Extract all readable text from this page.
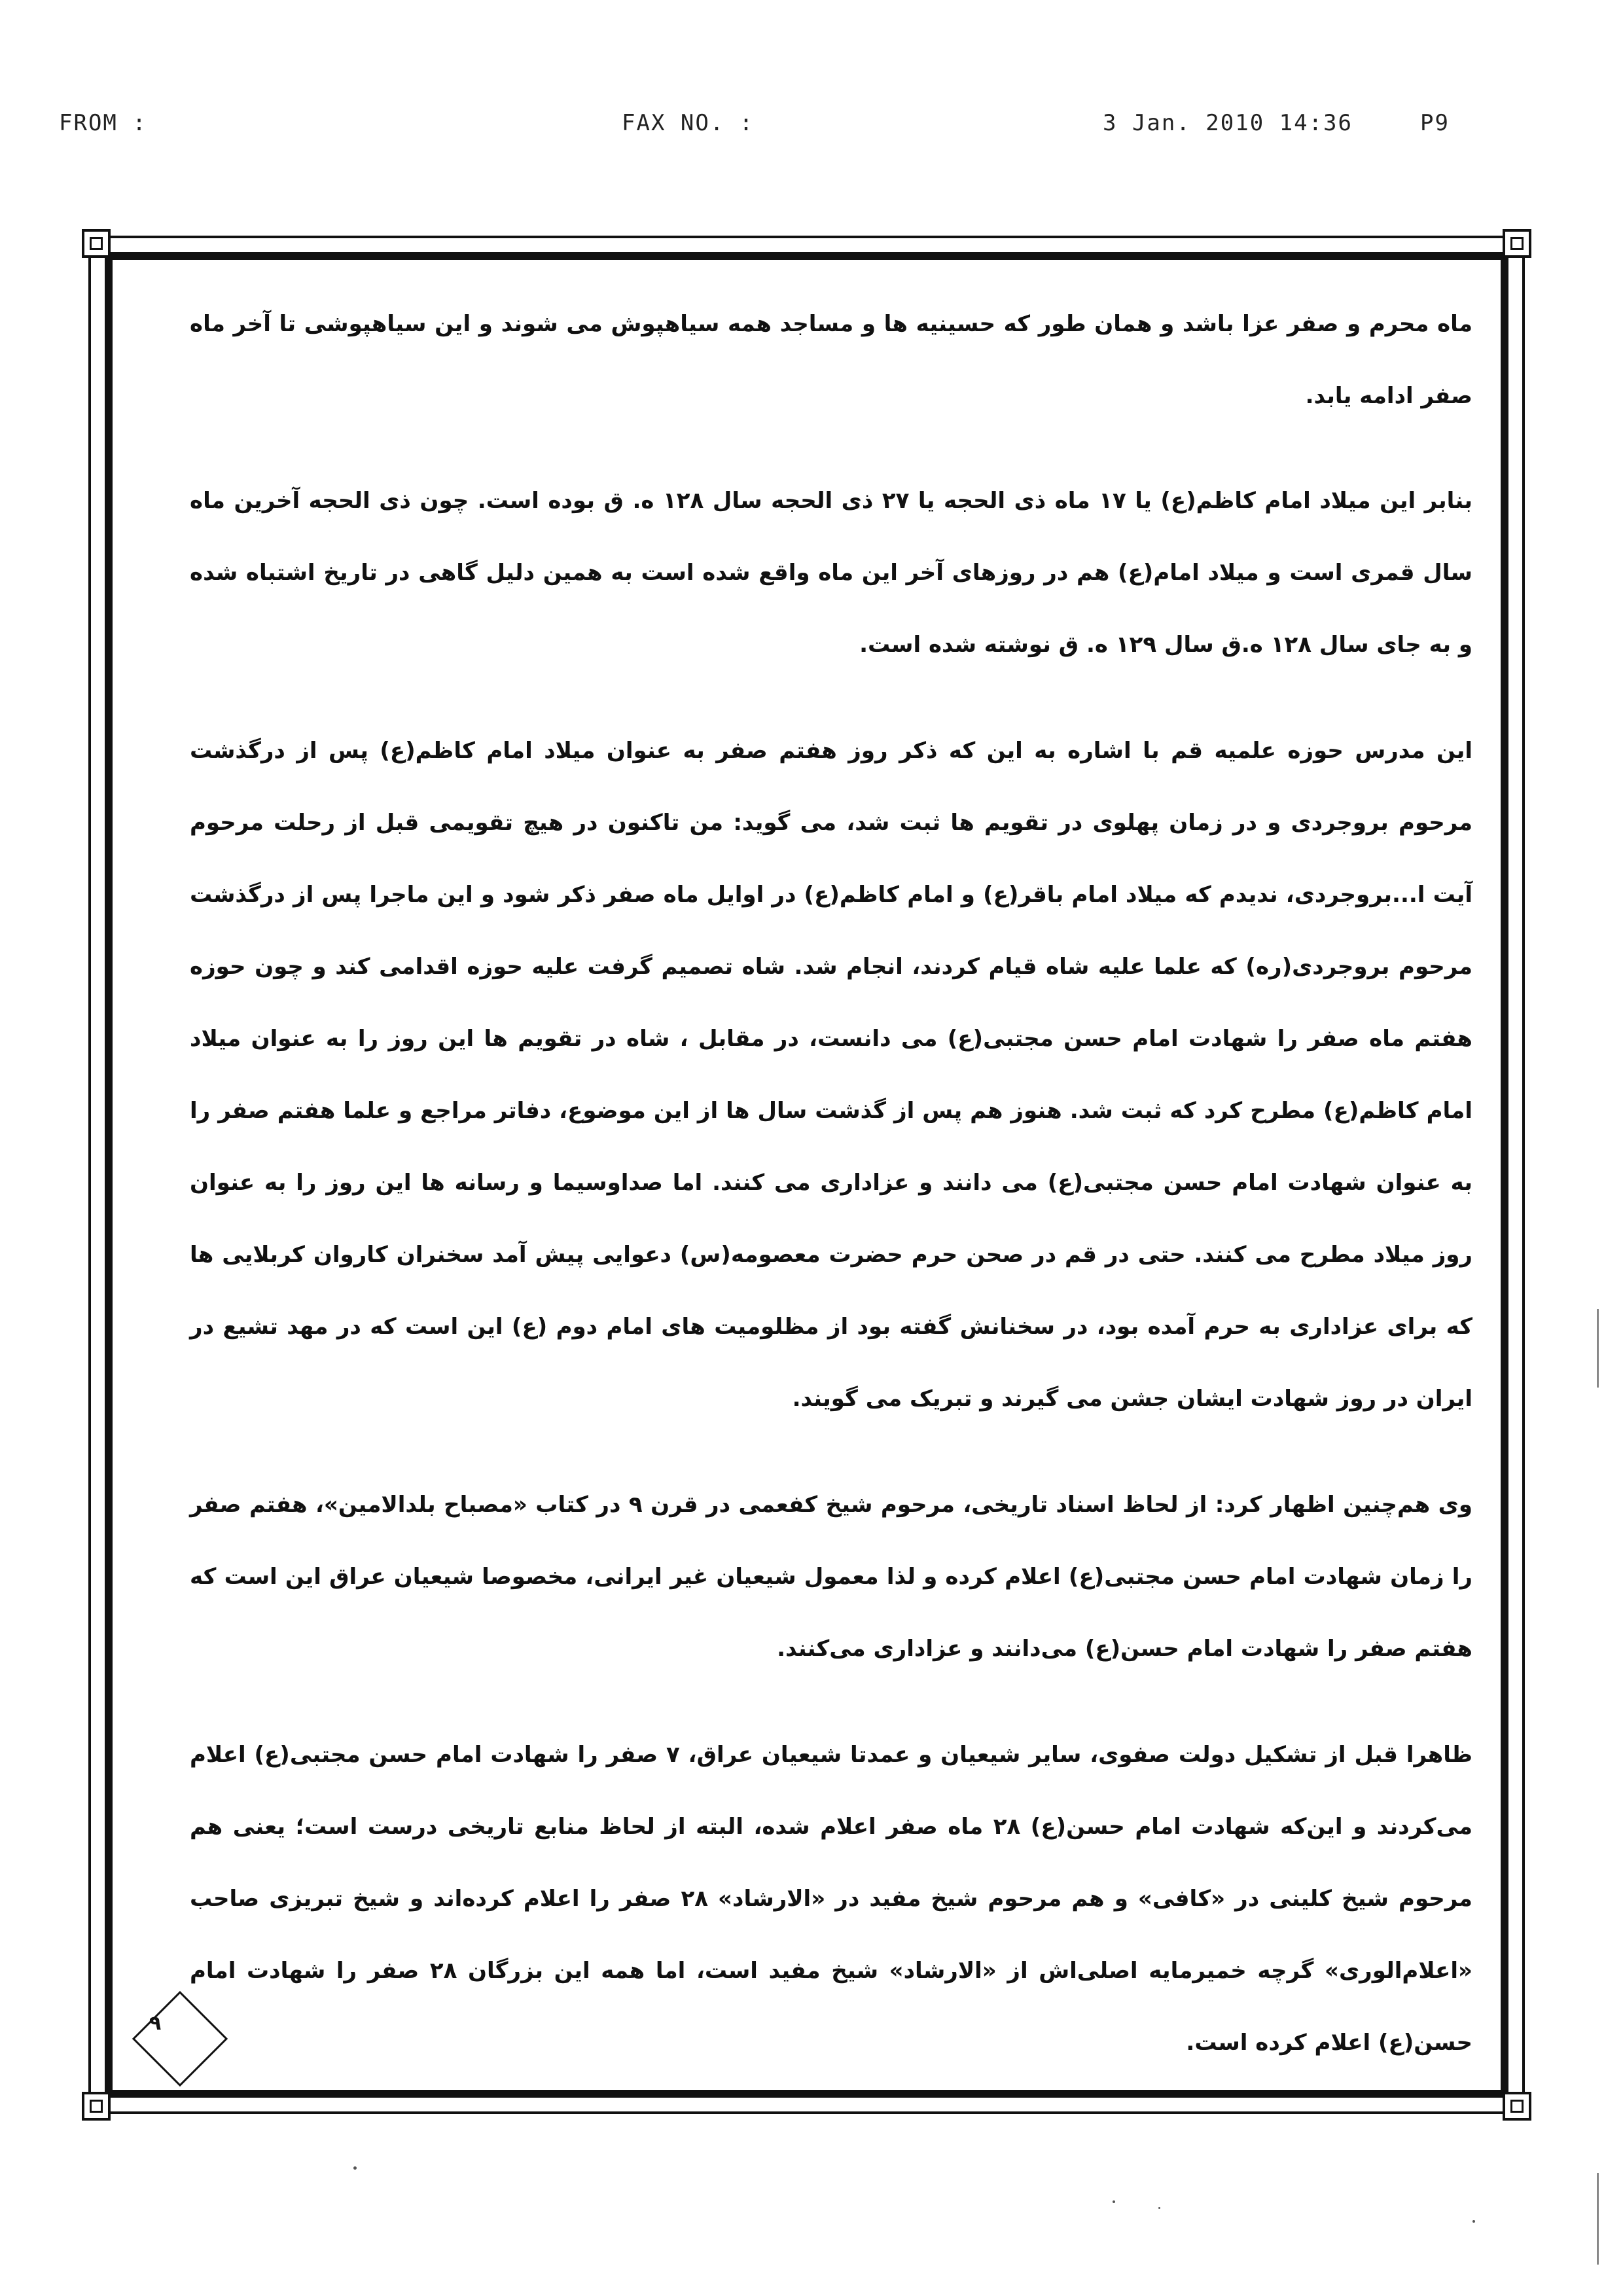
FROM :	FAX NO. :	3 Jan. 2010 14:36	P9

ماه محرم و صفر عزا باشد و همان طور که حسینیه ها و مساجد همه سیاهپوش می شوند و این سیاهپوشی تا آخر ماه صفر ادامه یابد.

بنابر این میلاد امام کاظم(ع) یا ۱۷ ماه ذی الحجه یا ۲۷ ذی الحجه سال ۱۲۸ ه. ق بوده است. چون ذی الحجه آخرین ماه سال قمری است و میلاد امام(ع) هم در روزهای آخر این ماه واقع شده است به همین دلیل گاهی در تاریخ اشتباه شده و به جای سال ۱۲۸ ه.ق سال ۱۲۹ ه. ق نوشته شده است.

این مدرس حوزه علمیه قم با اشاره به این که ذکر روز هفتم صفر به عنوان میلاد امام کاظم(ع) پس از درگذشت مرحوم بروجردی و در زمان پهلوی در تقویم ها ثبت شد، می گوید: من تاکنون در هیچ تقویمی قبل از رحلت مرحوم آیت ا...بروجردی، ندیدم که میلاد امام باقر(ع) و امام کاظم(ع) در اوایل ماه صفر ذکر شود و این ماجرا پس از درگذشت مرحوم بروجردی(ره) که علما علیه شاه قیام کردند، انجام شد. شاه تصمیم گرفت علیه حوزه اقدامی کند و چون حوزه هفتم ماه صفر را شهادت امام حسن مجتبی(ع) می دانست، در مقابل ، شاه در تقویم ها این روز را به عنوان میلاد امام کاظم(ع) مطرح کرد که ثبت شد. هنوز هم پس از گذشت سال ها از این موضوع، دفاتر مراجع و علما هفتم صفر را به عنوان شهادت امام حسن مجتبی(ع) می دانند و عزاداری می کنند. اما صداوسیما و رسانه ها این روز را به عنوان روز میلاد مطرح می کنند. حتی در قم در صحن حرم حضرت معصومه(س) دعوایی پیش آمد سخنران کاروان کربلایی ها که برای عزاداری به حرم آمده بود، در سخنانش گفته بود از مظلومیت های امام دوم (ع) این است که در مهد تشیع در ایران در روز شهادت ایشان جشن می گیرند و تبریک می گویند.

وی هم‌چنین اظهار کرد: از لحاظ اسناد تاریخی، مرحوم شیخ کفعمی در قرن ۹ در کتاب «مصباح بلدالامین»، هفتم صفر را زمان شهادت امام حسن مجتبی(ع) اعلام کرده و لذا معمول شیعیان غیر ایرانی، مخصوصا شیعیان عراق این است که هفتم صفر را شهادت امام حسن(ع) می‌دانند و عزاداری می‌کنند.

ظاهرا قبل از تشکیل دولت صفوی، سایر شیعیان و عمدتا شیعیان عراق، ۷ صفر را شهادت امام حسن مجتبی(ع) اعلام می‌کردند و این‌که شهادت امام حسن(ع) ۲۸ ماه صفر اعلام شده، البته از لحاظ منابع تاریخی درست است؛ یعنی هم مرحوم شیخ کلینی در «کافی» و هم مرحوم شیخ مفید در «الارشاد» ۲۸ صفر را اعلام کرده‌اند و شیخ تبریزی صاحب «اعلام‌الوری» گرچه خمیرمایه اصلی‌اش از «الارشاد» شیخ مفید است، اما همه این بزرگان ۲۸ صفر را شهادت امام حسن(ع) اعلام کرده است.

۹
